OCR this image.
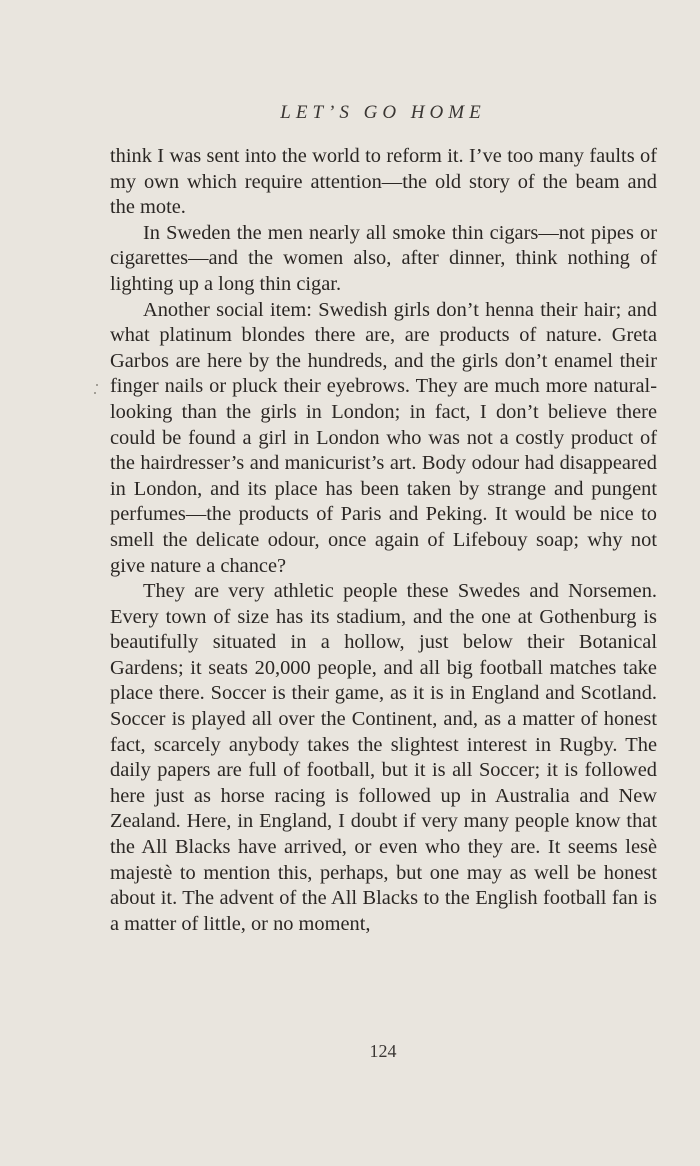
LET’S GO HOME

think I was sent into the world to reform it. I’ve too many faults of my own which require attention—the old story of the beam and the mote.

In Sweden the men nearly all smoke thin cigars—not pipes or cigarettes—and the women also, after dinner, think nothing of lighting up a long thin cigar.

Another social item: Swedish girls don’t henna their hair; and what platinum blondes there are, are products of nature. Greta Garbos are here by the hundreds, and the girls don’t enamel their finger nails or pluck their eyebrows. They are much more natural-looking than the girls in London; in fact, I don’t believe there could be found a girl in London who was not a costly product of the hairdresser’s and manicurist’s art. Body odour had disappeared in London, and its place has been taken by strange and pungent perfumes—the products of Paris and Peking. It would be nice to smell the delicate odour, once again of Lifebouy soap; why not give nature a chance?

They are very athletic people these Swedes and Norsemen. Every town of size has its stadium, and the one at Gothenburg is beautifully situated in a hollow, just below their Botanical Gardens; it seats 20,000 people, and all big football matches take place there. Soccer is their game, as it is in England and Scotland. Soccer is played all over the Continent, and, as a matter of honest fact, scarcely anybody takes the slightest interest in Rugby. The daily papers are full of football, but it is all Soccer; it is followed here just as horse racing is followed up in Australia and New Zealand. Here, in England, I doubt if very many people know that the All Blacks have arrived, or even who they are. It seems lesè majestè to mention this, perhaps, but one may as well be honest about it. The advent of the All Blacks to the English football fan is a matter of little, or no moment,

124
